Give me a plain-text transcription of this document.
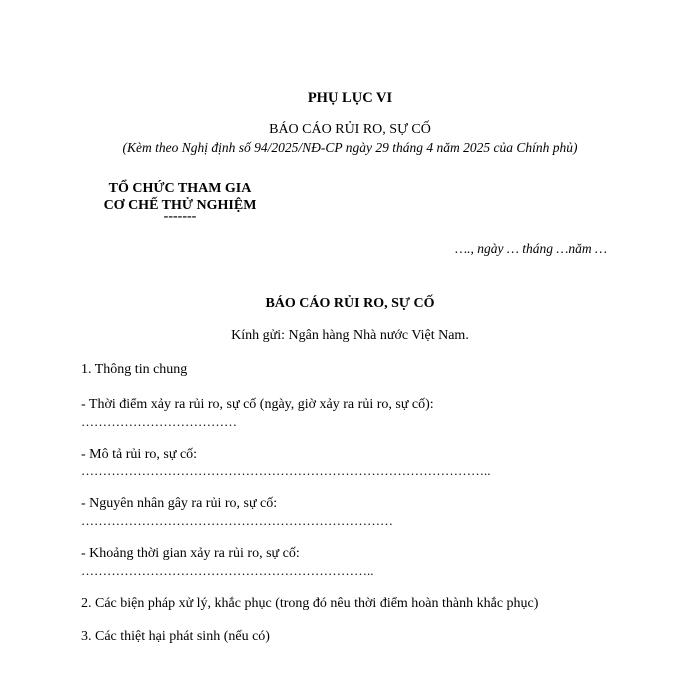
PHỤ LỤC VI
BÁO CÁO RỦI RO, SỰ CỐ
(Kèm theo Nghị định số 94/2025/NĐ-CP ngày 29 tháng 4 năm 2025 của Chính phủ)
TỔ CHỨC THAM GIA
CƠ CHẾ THỬ NGHIỆM
-------
…., ngày … tháng …năm …
BÁO CÁO RỦI RO, SỰ CỐ
Kính gửi: Ngân hàng Nhà nước Việt Nam.
1. Thông tin chung
- Thời điểm xảy ra rủi ro, sự cố (ngày, giờ xảy ra rủi ro, sự cố):
………………………………
- Mô tả rủi ro, sự cố:
…………………………………………………………………………………..
- Nguyên nhân gây ra rủi ro, sự cố:
………………………………………………………………
- Khoảng thời gian xảy ra rủi ro, sự cố:
…………………………………………………………..
2. Các biện pháp xử lý, khắc phục (trong đó nêu thời điểm hoàn thành khắc phục)
3. Các thiệt hại phát sinh (nếu có)
